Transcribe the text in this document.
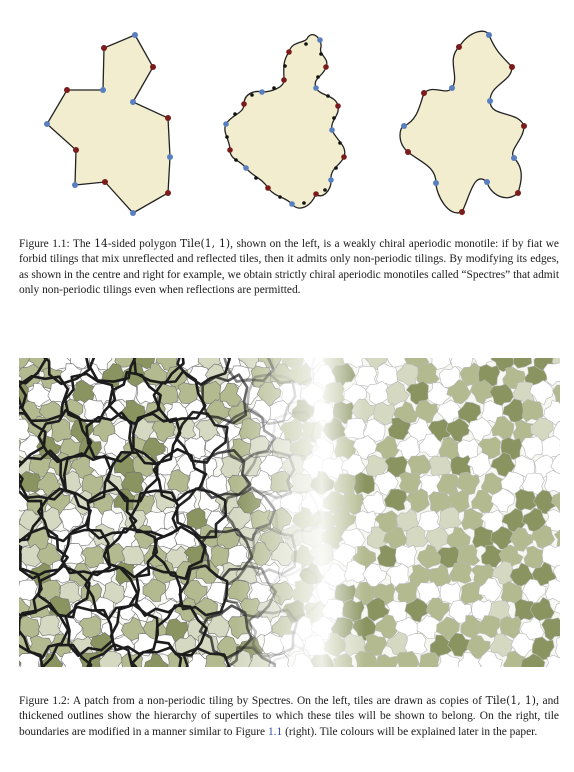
Figure 1.1: The 14-sided polygon Tile(1, 1), shown on the left, is a weakly chiral aperiodic monotile: if by fiat we forbid tilings that mix unreflected and reflected tiles, then it admits only non-periodic tilings. By modifying its edges, as shown in the centre and right for example, we obtain strictly chiral aperiodic monotiles called “Spectres” that admit only non-periodic tilings even when reflections are permitted.

Figure 1.2: A patch from a non-periodic tiling by Spectres. On the left, tiles are drawn as copies of Tile(1, 1), and thickened outlines show the hierarchy of supertiles to which these tiles will be shown to belong. On the right, tile boundaries are modified in a manner similar to Figure 1.1 (right). Tile colours will be explained later in the paper.
